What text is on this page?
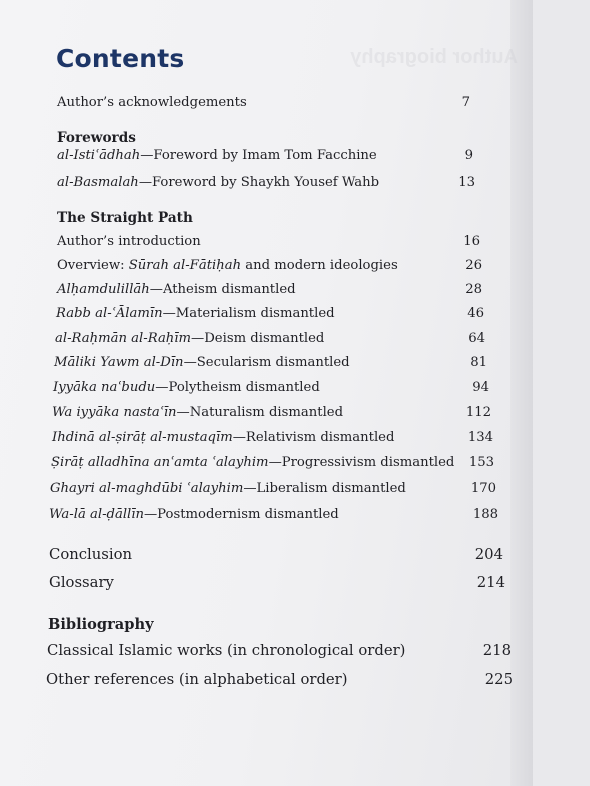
Author biography
Contents
Author’s acknowledgements	7
Forewords
al-Istiʿādhah—Foreword by Imam Tom Facchine	9
al-Basmalah—Foreword by Shaykh Yousef Wahb	13
The Straight Path
Author’s introduction	16
Overview: Sūrah al-Fātiḥah and modern ideologies	26
Alḥamdulillāh—Atheism dismantled	28
Rabb al-ʿĀlamīn—Materialism dismantled	46
al-Raḥmān al-Raḥīm—Deism dismantled	64
Māliki Yawm al-Dīn—Secularism dismantled	81
Iyyāka naʿbudu—Polytheism dismantled	94
Wa iyyāka nastaʿīn—Naturalism dismantled	112
Ihdinā al-ṣirāṭ al-mustaqīm—Relativism dismantled	134
Ṣirāṭ alladhīna anʿamta ʿalayhim—Progressivism dismantled 153
Ghayri al-maghdūbi ʿalayhim—Liberalism dismantled	170
Wa-lā al-ḍāllīn—Postmodernism dismantled	188
Conclusion	204
Glossary	214
Bibliography
Classical Islamic works (in chronological order)	218
Other references (in alphabetical order)	225
